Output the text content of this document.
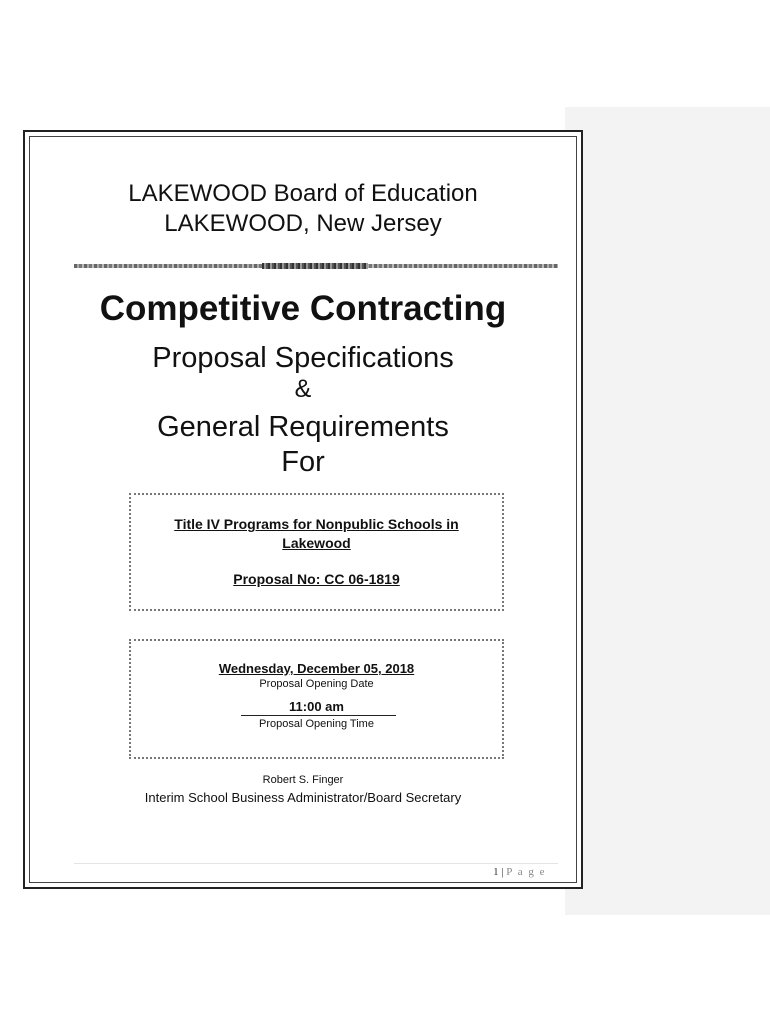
LAKEWOOD Board of Education
LAKEWOOD, New Jersey
Competitive Contracting
Proposal Specifications
&
General Requirements
For
Title IV Programs for Nonpublic Schools in Lakewood
Proposal No: CC 06-1819
Wednesday, December 05, 2018
Proposal Opening Date
11:00 am
Proposal Opening Time
Robert S. Finger
Interim School Business Administrator/Board Secretary
1 | P a g e
